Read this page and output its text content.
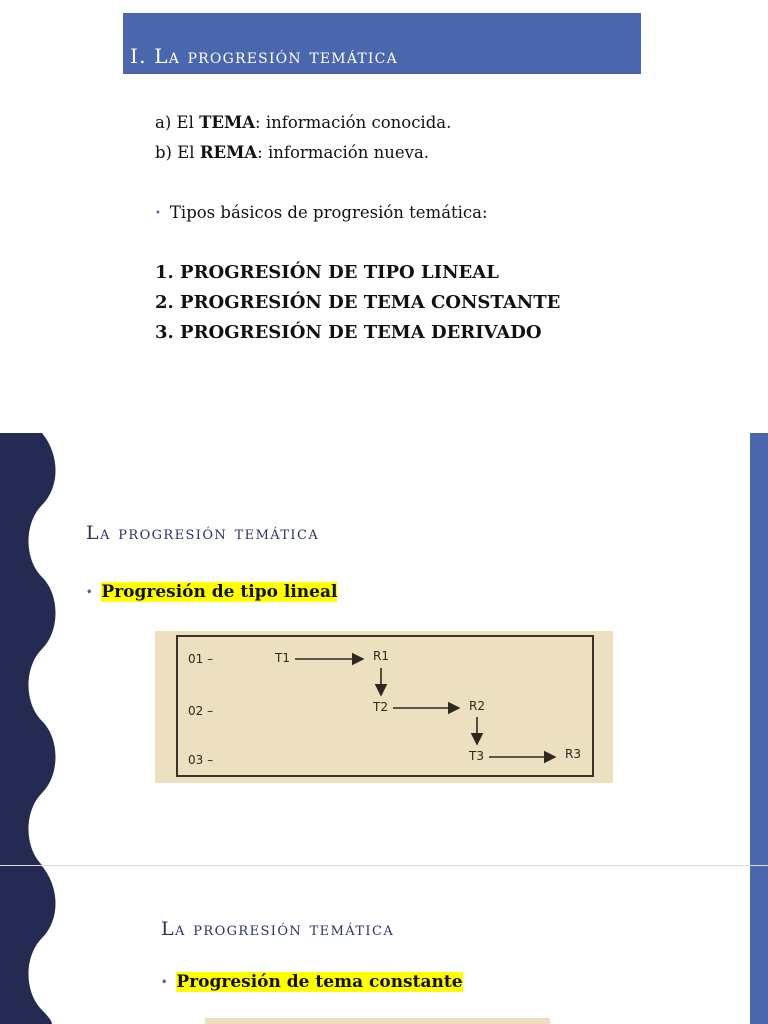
I. La progresión temática
a) El TEMA: información conocida.
b) El REMA: información nueva.
• Tipos básicos de progresión temática:
1. PROGRESIÓN DE TIPO LINEAL
2. PROGRESIÓN DE TEMA CONSTANTE
3. PROGRESIÓN DE TEMA DERIVADO
La progresión temática
• Progresión de tipo lineal
01 –
02 –
03 –
T1	R1
T2	R2
T3	R3
La progresión temática
• Progresión de tema constante
